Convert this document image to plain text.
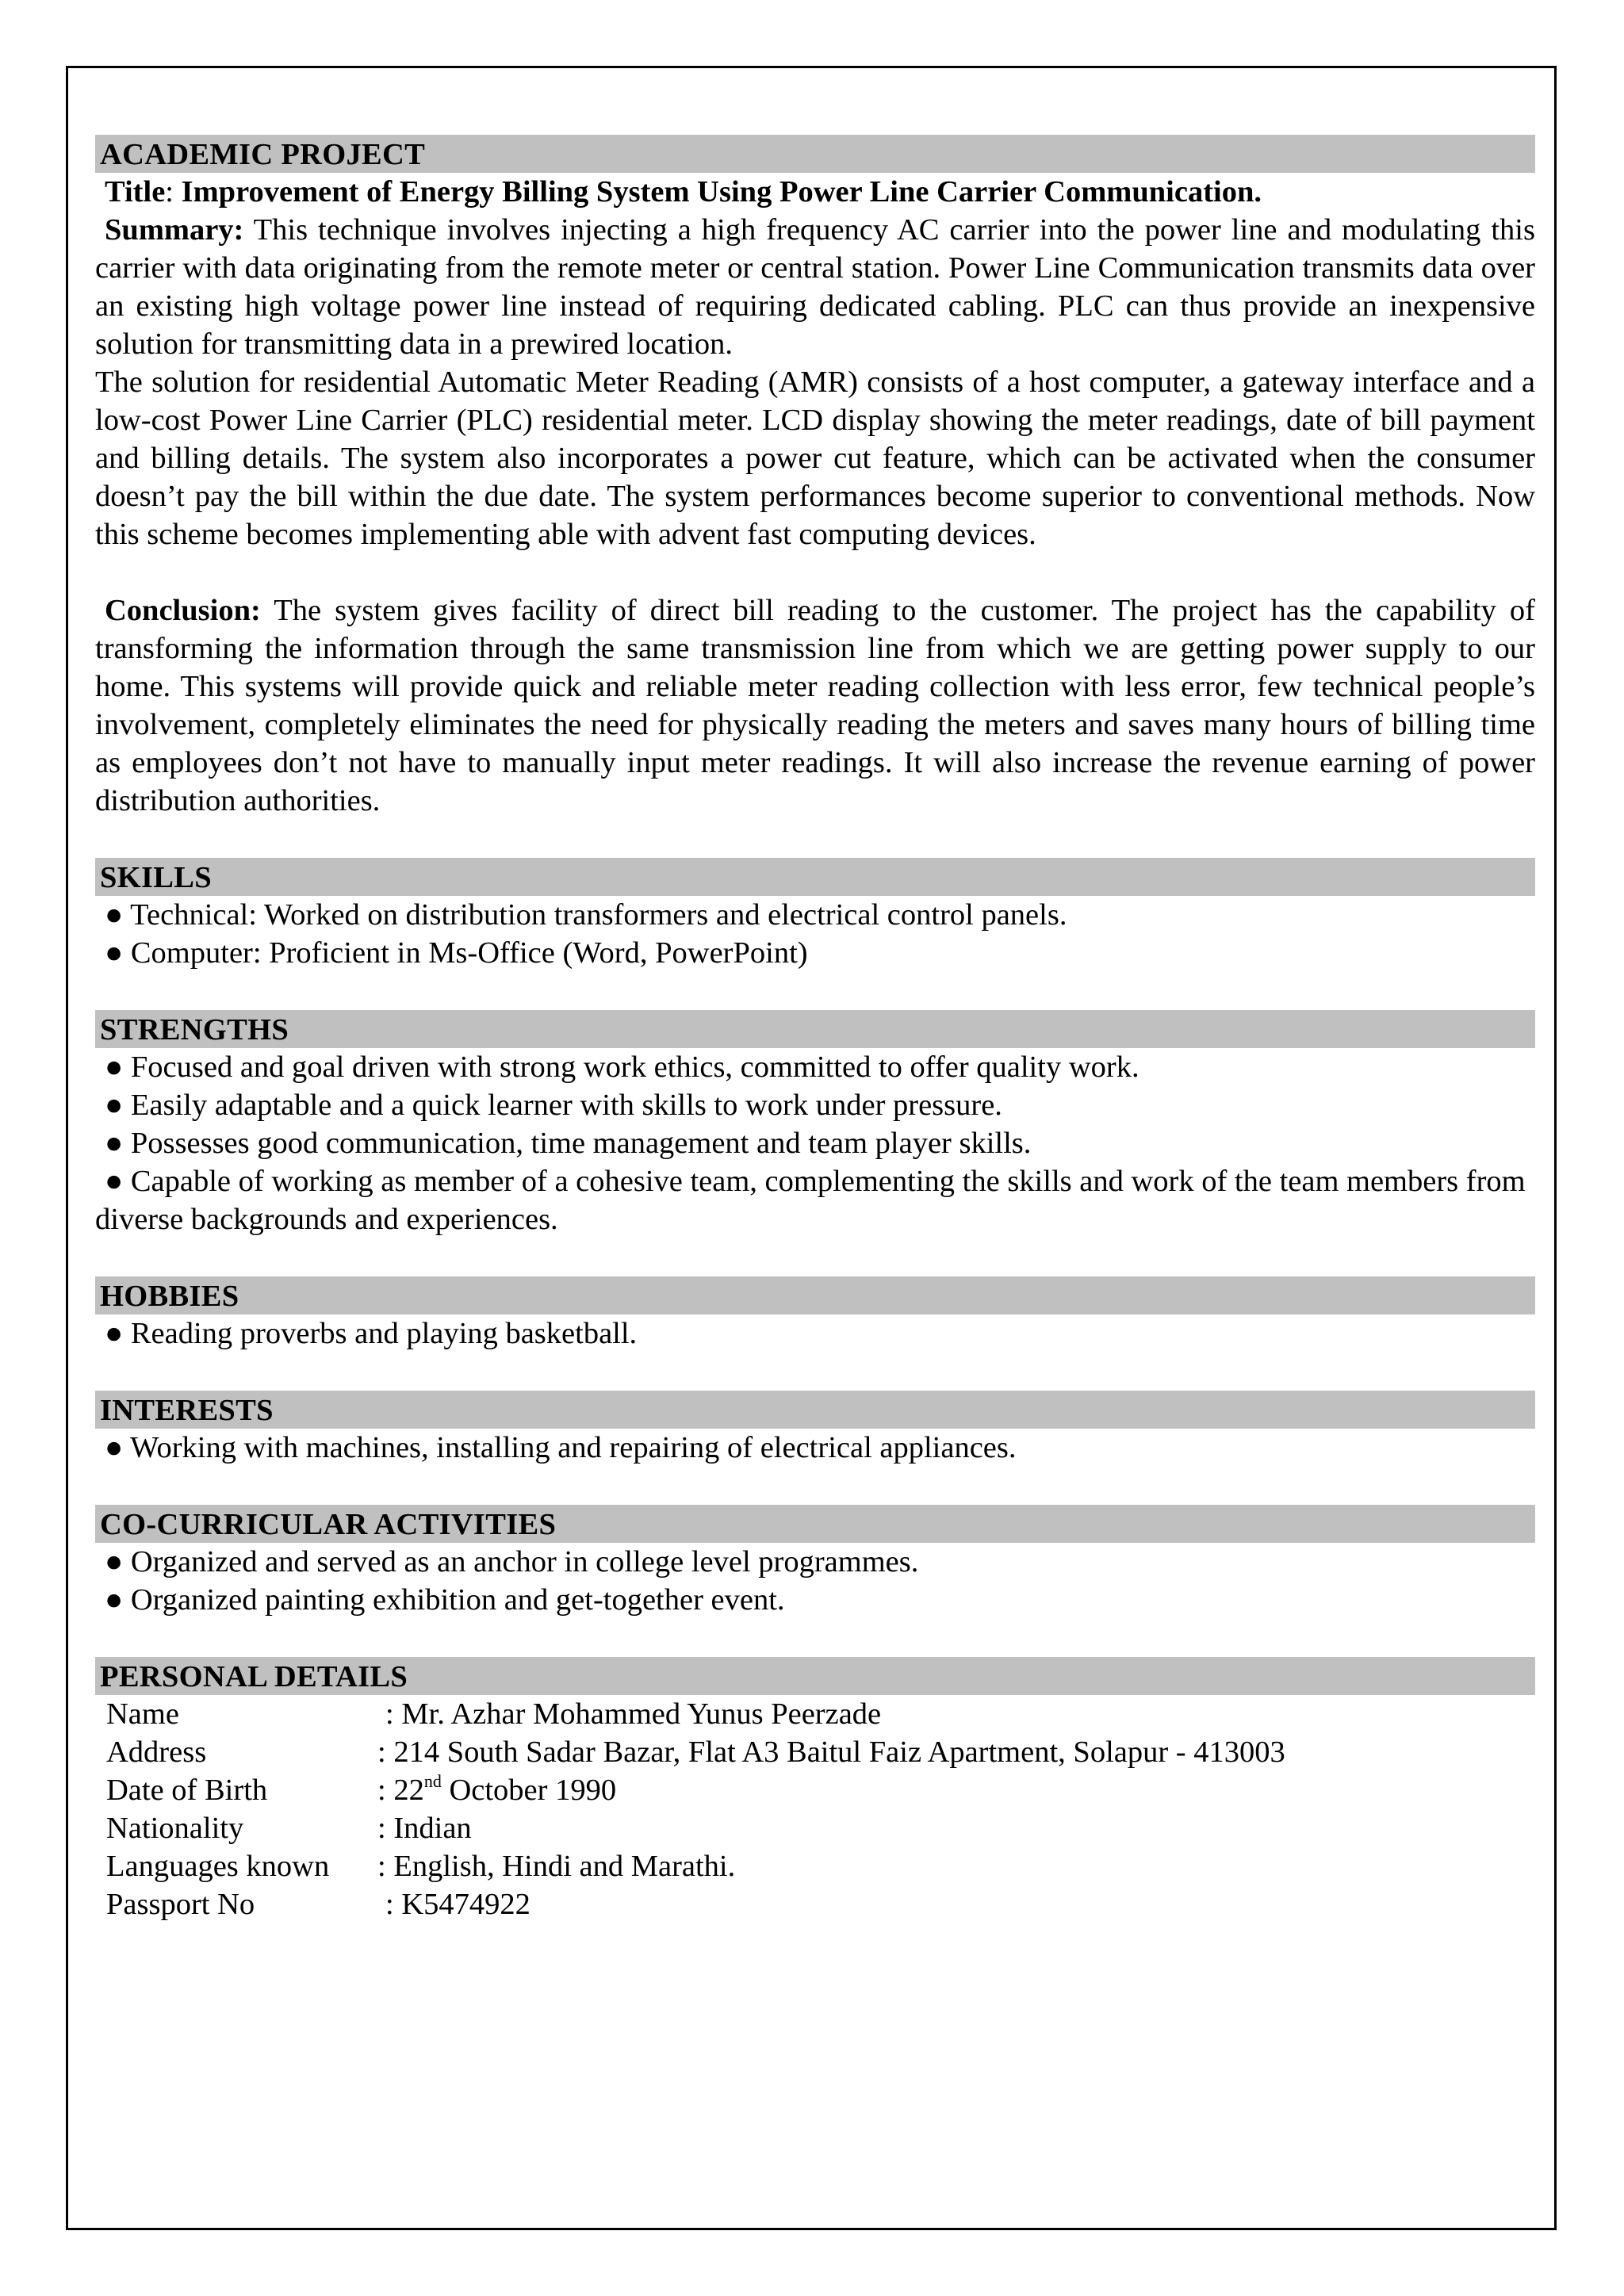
ACADEMIC PROJECT
Title: Improvement of Energy Billing System Using Power Line Carrier Communication.
Summary: This technique involves injecting a high frequency AC carrier into the power line and modulating this carrier with data originating from the remote meter or central station. Power Line Communication transmits data over an existing high voltage power line instead of requiring dedicated cabling. PLC can thus provide an inexpensive solution for transmitting data in a prewired location.
The solution for residential Automatic Meter Reading (AMR) consists of a host computer, a gateway interface and a low-cost Power Line Carrier (PLC) residential meter. LCD display showing the meter readings, date of bill payment and billing details. The system also incorporates a power cut feature, which can be activated when the consumer doesn’t pay the bill within the due date. The system performances become superior to conventional methods. Now this scheme becomes implementing able with advent fast computing devices.
Conclusion: The system gives facility of direct bill reading to the customer. The project has the capability of transforming the information through the same transmission line from which we are getting power supply to our home. This systems will provide quick and reliable meter reading collection with less error, few technical people’s involvement, completely eliminates the need for physically reading the meters and saves many hours of billing time as employees don’t not have to manually input meter readings. It will also increase the revenue earning of power distribution authorities.
SKILLS
● Technical: Worked on distribution transformers and electrical control panels.
● Computer: Proficient in Ms-Office (Word, PowerPoint)
STRENGTHS
● Focused and goal driven with strong work ethics, committed to offer quality work.
● Easily adaptable and a quick learner with skills to work under pressure.
● Possesses good communication, time management and team player skills.
● Capable of working as member of a cohesive team, complementing the skills and work of the team members from diverse backgrounds and experiences.
HOBBIES
● Reading proverbs and playing basketball.
INTERESTS
● Working with machines, installing and repairing of electrical appliances.
CO-CURRICULAR ACTIVITIES
● Organized and served as an anchor in college level programmes.
● Organized painting exhibition and get-together event.
PERSONAL DETAILS
Name	: Mr. Azhar Mohammed Yunus Peerzade
Address	: 214 South Sadar Bazar, Flat A3 Baitul Faiz Apartment, Solapur - 413003
Date of Birth	: 22nd October 1990
Nationality	: Indian
Languages known	: English, Hindi and Marathi.
Passport No	: K5474922
